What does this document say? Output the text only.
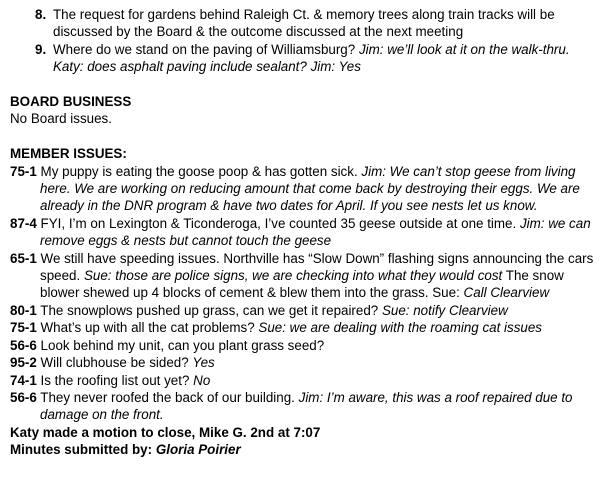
8. The request for gardens behind Raleigh Ct. & memory trees along train tracks will be discussed by the Board & the outcome discussed at the next meeting
9. Where do we stand on the paving of Williamsburg? Jim: we’ll look at it on the walk-thru. Katy: does asphalt paving include sealant? Jim: Yes
BOARD BUSINESS
No Board issues.
MEMBER ISSUES:
75-1 My puppy is eating the goose poop & has gotten sick. Jim: We can’t stop geese from living here. We are working on reducing amount that come back by destroying their eggs. We are already in the DNR program & have two dates for April. If you see nests let us know.
87-4 FYI, I’m on Lexington & Ticonderoga, I’ve counted 35 geese outside at one time. Jim: we can remove eggs & nests but cannot touch the geese
65-1 We still have speeding issues. Northville has “Slow Down” flashing signs announcing the cars speed. Sue: those are police signs, we are checking into what they would cost The snow blower shewed up 4 blocks of cement & blew them into the grass. Sue: Call Clearview
80-1 The snowplows pushed up grass, can we get it repaired? Sue: notify Clearview
75-1 What’s up with all the cat problems? Sue: we are dealing with the roaming cat issues
56-6 Look behind my unit, can you plant grass seed?
95-2 Will clubhouse be sided? Yes
74-1 Is the roofing list out yet? No
56-6 They never roofed the back of our building. Jim: I’m aware, this was a roof repaired due to damage on the front.
Katy made a motion to close, Mike G. 2nd at 7:07
Minutes submitted by: Gloria Poirier
